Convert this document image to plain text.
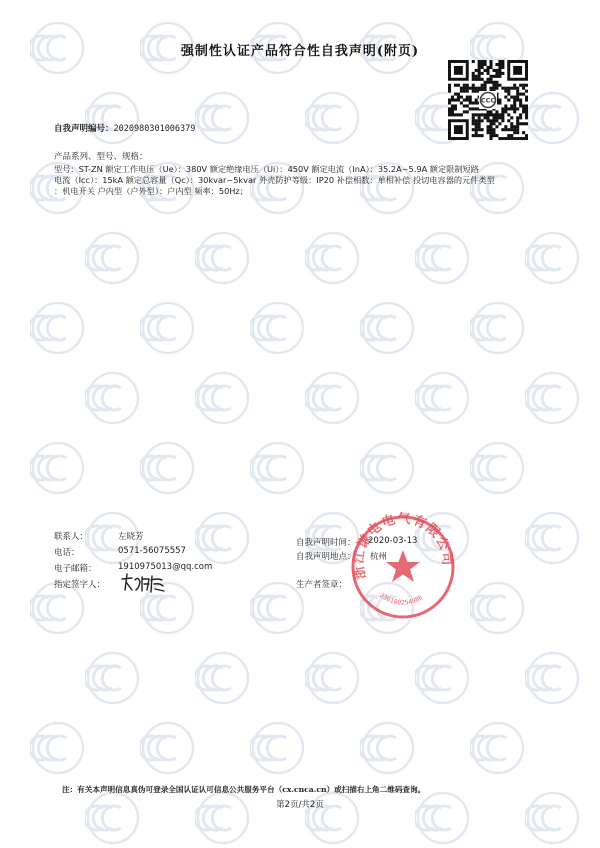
强制性认证产品符合性自我声明(附页)
CCC
自我声明编号：2020980301006379
产品系列、型号、规格：
型号：ST-ZN 额定工作电压（Ue）：380V 额定绝缘电压（Ui）：450V 额定电流（InA）：35.2A~5.9A 额定限制短路
电流（Icc）：15kA 额定总容量（Qc）：30kvar~5kvar 外壳防护等级：IP20 补偿相数：单相补偿 投切电容器的元件类型
：机电开关 户内型（户外型）：户内型 频率：50Hz；
联系人：	左晓芳
电话：	0571-56075557
电子邮箱：	1910975013@qq.com
指定签字人：
自我声明时间： 2020-03-13
自我声明地点： 杭州
生产者签章：
浙江谦电电气有限公司
330100254986
注：有关本声明信息真伪可登录全国认证认可信息公共服务平台（cx.cnca.cn）或扫描右上角二维码查询。
第2页/共2页
